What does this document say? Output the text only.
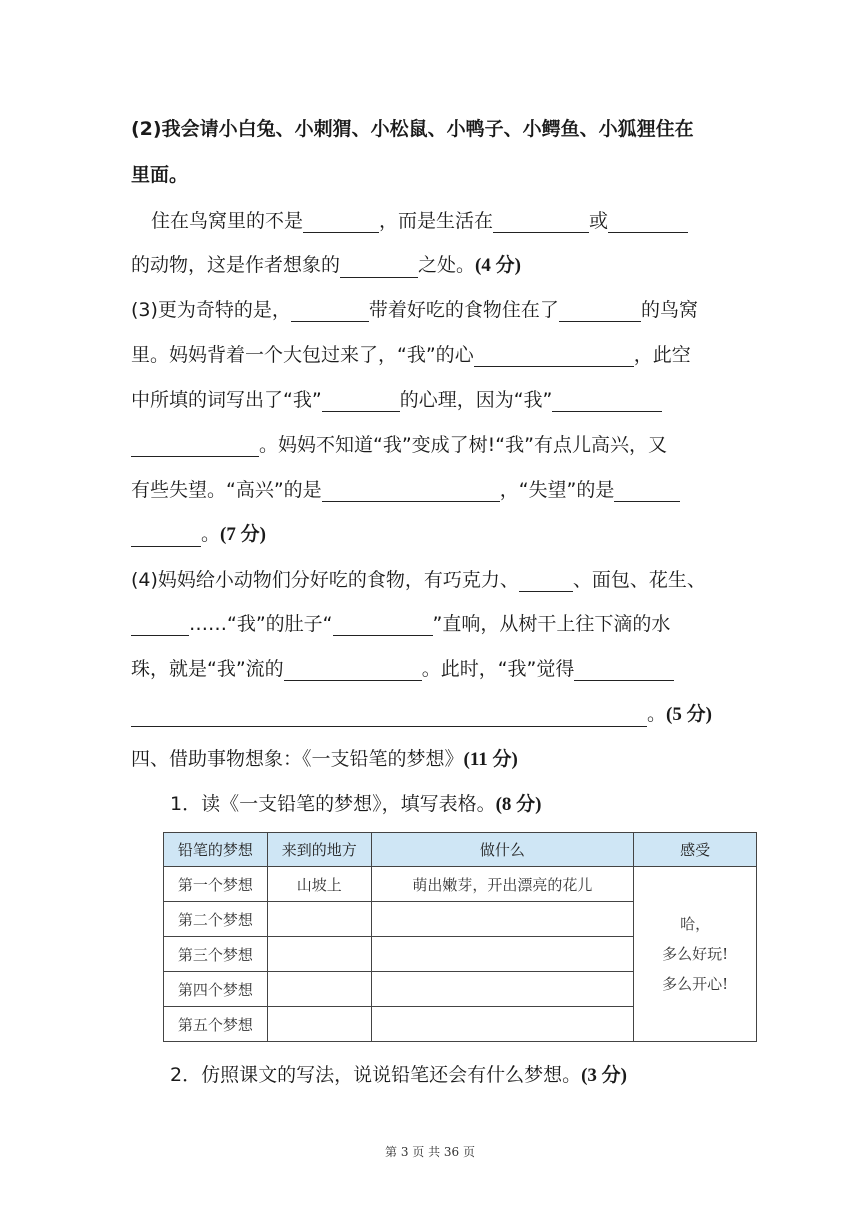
(2)我会请小白兔、小刺猬、小松鼠、小鸭子、小鳄鱼、小狐狸住在
里面。
住在鸟窝里的不是	，而是生活在	或
的动物，这是作者想象的	之处。(4 分)
(3)更为奇特的是，	带着好吃的食物住在了	的鸟窝
里。妈妈背着一个大包过来了，“我”的心	，此空
中所填的词写出了“我”	的心理，因为“我”
。妈妈不知道“我”变成了树!“我”有点儿高兴，又
有些失望。“高兴”的是	，“失望”的是
。(7 分)
(4)妈妈给小动物们分好吃的食物，有巧克力、	、面包、花生、
……“我”的肚子“	”直响，从树干上往下滴的水
珠，就是“我”流的	。此时，“我”觉得
。(5 分)
四、借助事物想象：《一支铅笔的梦想》(11 分)
1．读《一支铅笔的梦想》，填写表格。(8 分)
铅笔的梦想	来到的地方	做什么	感受
第一个梦想	山坡上	萌出嫩芽，开出漂亮的花儿	哈，
多么好玩!
多么开心!

第二个梦想			
第三个梦想			
第四个梦想			
第五个梦想			
2．仿照课文的写法，说说铅笔还会有什么梦想。(3 分)
第 3 页 共 36 页
